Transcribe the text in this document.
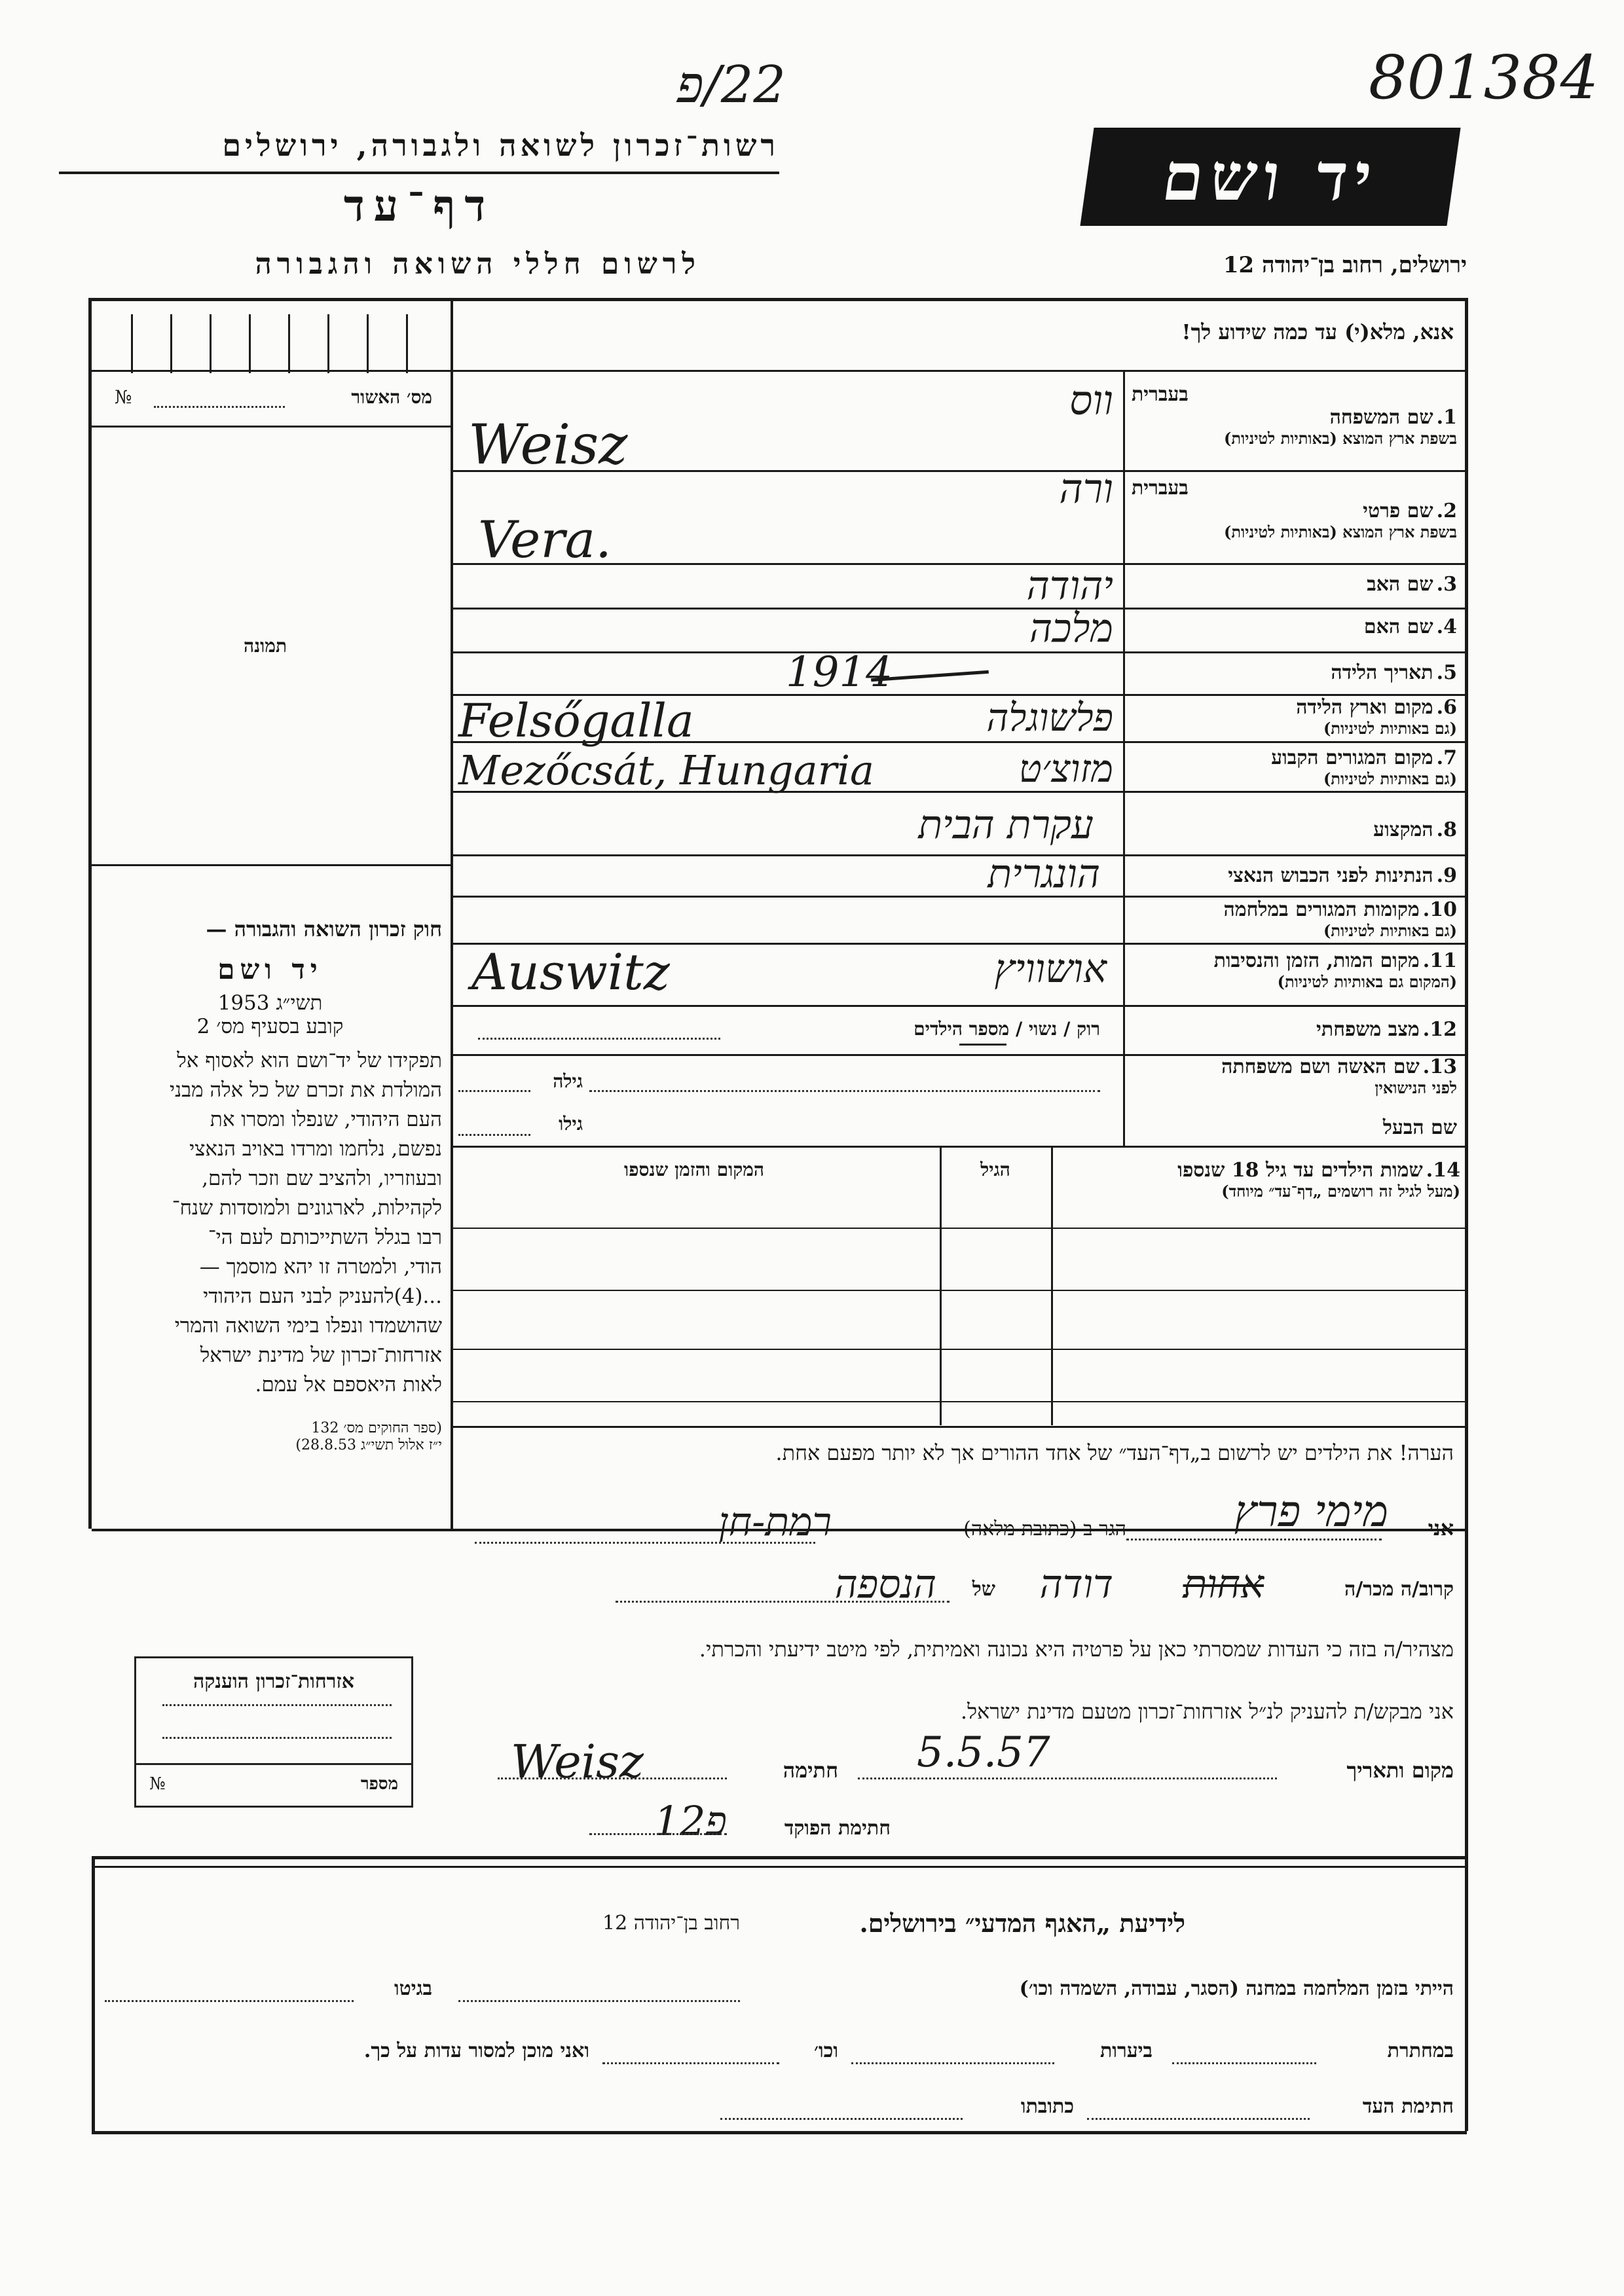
22/פ	801384
רשות־זכרון לשואה ולגבורה, ירושלים
דף־עד
לרשום חללי השואה והגבורה
יד ושם
ירושלים, רחוב בן־יהודה 12
אנא, מלא(י) עד כמה שידוע לך!
מס׳ האשור
№
תמונה
חוק זכרון השואה והגבורה —
יד ושם
תשי״ג 1953
קובע בסעיף מס׳ 2
תפקידו של יד־ושם הוא לאסוף אל
המולדת את זכרם של כל אלה מבני
העם היהודי, שנפלו ומסרו את
נפשם, נלחמו ומרדו באויב הנאצי
ובעוזריו, ולהציב שם וזכר להם,
לקהילות, לארגונים ולמוסדות שנח־
רבו בגלל השתייכותם לעם הי־
הודי, ולמטרה זו יהא מוסמך —
...(4)להעניק לבני העם היהודי
שהושמדו ונפלו בימי השואה והמרי
אזרחות־זכרון של מדינת ישראל
לאות היאספם אל עמם.
(ספר החוקים מס׳ 132
י״ז אלול תשי״ג 28.8.53)
בעברית
1. שם המשפחה
בשפת ארץ המוצא (באותיות לטיניות)
ווס
Weisz
בעברית
2. שם פרטי
בשפת ארץ המוצא (באותיות לטיניות)
ורה
Vera.
3. שם האב
יהודה
4. שם האם
מלכה
5. תאריך הלידה
1914
6. מקום וארץ הלידה
(גם באותיות לטיניות)
Felsőgalla	פלשוגלה
7. מקום המגורים הקבוע
(גם באותיות לטיניות)
Mezőcsát, Hungaria	מזוצ׳ט
8. המקצוע
עקרת הבית
9. הנתינות לפני הכבוש הנאצי
הונגרית
10. מקומות המגורים במלחמה
(גם באותיות לטיניות)
11. מקום המות, הזמן והנסיבות
(המקום גם באותיות לטיניות)
Auswitz	אושוויץ
12. מצב משפחתי
רוק / נשוי / מספר הילדים
13. שם האשה ושם משפחתה
לפני הנישואין
גילה
שם הבעל
גילו
14. שמות הילדים עד גיל 18 שנספו
(מעל לגיל זה רושמים „דף־עד״ מיוחד)
הגיל
המקום והזמן שנספו
הערה! את הילדים יש לרשום ב„דף־העד״ של אחד ההורים אך לא יותר מפעם אחת.
אני
מימי פרץ
הגר ב (כתובת מלאה)
רמת-חן
קרוב/ה מכר/ה
אחות
דודה
של
הנספה
מצהיר/ה בזה כי העדות שמסרתי כאן על פרטיה היא נכונה ואמיתית, לפי מיטב ידיעתי והכרתי.
אני מבקש/ת להעניק לנ״ל אזרחות־זכרון מטעם מדינת ישראל.
מקום ותאריך
5.5.57
חתימה
Weisz
חתימת הפוקד
פ12
אזרחות־זכרון הוענקה
№	מספר
לידיעת „האגף המדעי״ בירושלים.
רחוב בן־יהודה 12
הייתי בזמן המלחמה במחנה (הסגר, עבודה, השמדה וכו׳)
בגיטו
במחתרת
ביערות
וכו׳
ואני מוכן למסור עדות על כך.
חתימת העד
כתובתו
